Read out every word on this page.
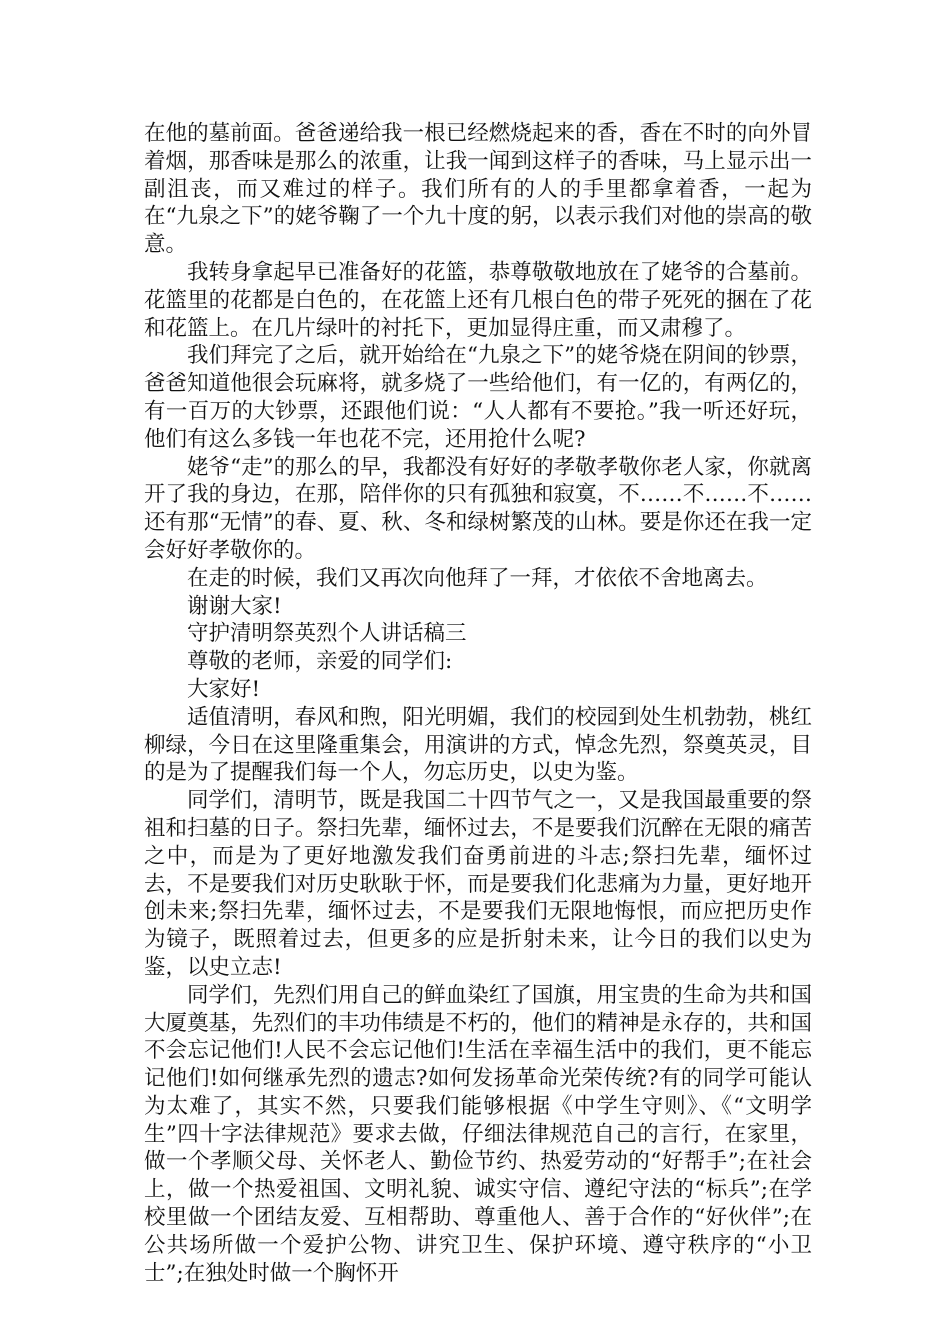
在他的墓前面。爸爸递给我一根已经燃烧起来的香，香在不时的向外冒着烟，那香味是那么的浓重，让我一闻到这样子的香味，马上显示出一副沮丧，而又难过的样子。我们所有的人的手里都拿着香，一起为在“九泉之下”的姥爷鞠了一个九十度的躬，以表示我们对他的崇高的敬意。

我转身拿起早已准备好的花篮，恭尊敬敬地放在了姥爷的合墓前。花篮里的花都是白色的，在花篮上还有几根白色的带子死死的捆在了花和花篮上。在几片绿叶的衬托下，更加显得庄重，而又肃穆了。

我们拜完了之后，就开始给在“九泉之下”的姥爷烧在阴间的钞票，爸爸知道他很会玩麻将，就多烧了一些给他们，有一亿的，有两亿的，有一百万的大钞票，还跟他们说：“人人都有不要抢。”我一听还好玩，他们有这么多钱一年也花不完，还用抢什么呢?

姥爷“走”的那么的早，我都没有好好的孝敬孝敬你老人家，你就离开了我的身边，在那，陪伴你的只有孤独和寂寞，不……不……不……还有那“无情”的春、夏、秋、冬和绿树繁茂的山林。要是你还在我一定会好好孝敬你的。

在走的时候，我们又再次向他拜了一拜，才依依不舍地离去。

谢谢大家!

守护清明祭英烈个人讲话稿三

尊敬的老师，亲爱的同学们:

大家好!

适值清明，春风和煦，阳光明媚，我们的校园到处生机勃勃，桃红柳绿，今日在这里隆重集会，用演讲的方式，悼念先烈，祭奠英灵，目的是为了提醒我们每一个人，勿忘历史，以史为鉴。

同学们，清明节，既是我国二十四节气之一，又是我国最重要的祭祖和扫墓的日子。祭扫先辈，缅怀过去，不是要我们沉醉在无限的痛苦之中，而是为了更好地激发我们奋勇前进的斗志;祭扫先辈，缅怀过去，不是要我们对历史耿耿于怀，而是要我们化悲痛为力量，更好地开创未来;祭扫先辈，缅怀过去，不是要我们无限地悔恨，而应把历史作为镜子，既照着过去，但更多的应是折射未来，让今日的我们以史为鉴，以史立志!

同学们，先烈们用自己的鲜血染红了国旗，用宝贵的生命为共和国大厦奠基，先烈们的丰功伟绩是不朽的，他们的精神是永存的，共和国不会忘记他们!人民不会忘记他们!生活在幸福生活中的我们，更不能忘记他们!如何继承先烈的遗志?如何发扬革命光荣传统?有的同学可能认为太难了，其实不然，只要我们能够根据《中学生守则》、《“文明学生”四十字法律规范》要求去做，仔细法律规范自己的言行，在家里，做一个孝顺父母、关怀老人、勤俭节约、热爱劳动的“好帮手”;在社会上，做一个热爱祖国、文明礼貌、诚实守信、遵纪守法的“标兵”;在学校里做一个团结友爱、互相帮助、尊重他人、善于合作的“好伙伴”;在公共场所做一个爱护公物、讲究卫生、保护环境、遵守秩序的“小卫士”;在独处时做一个胸怀开
